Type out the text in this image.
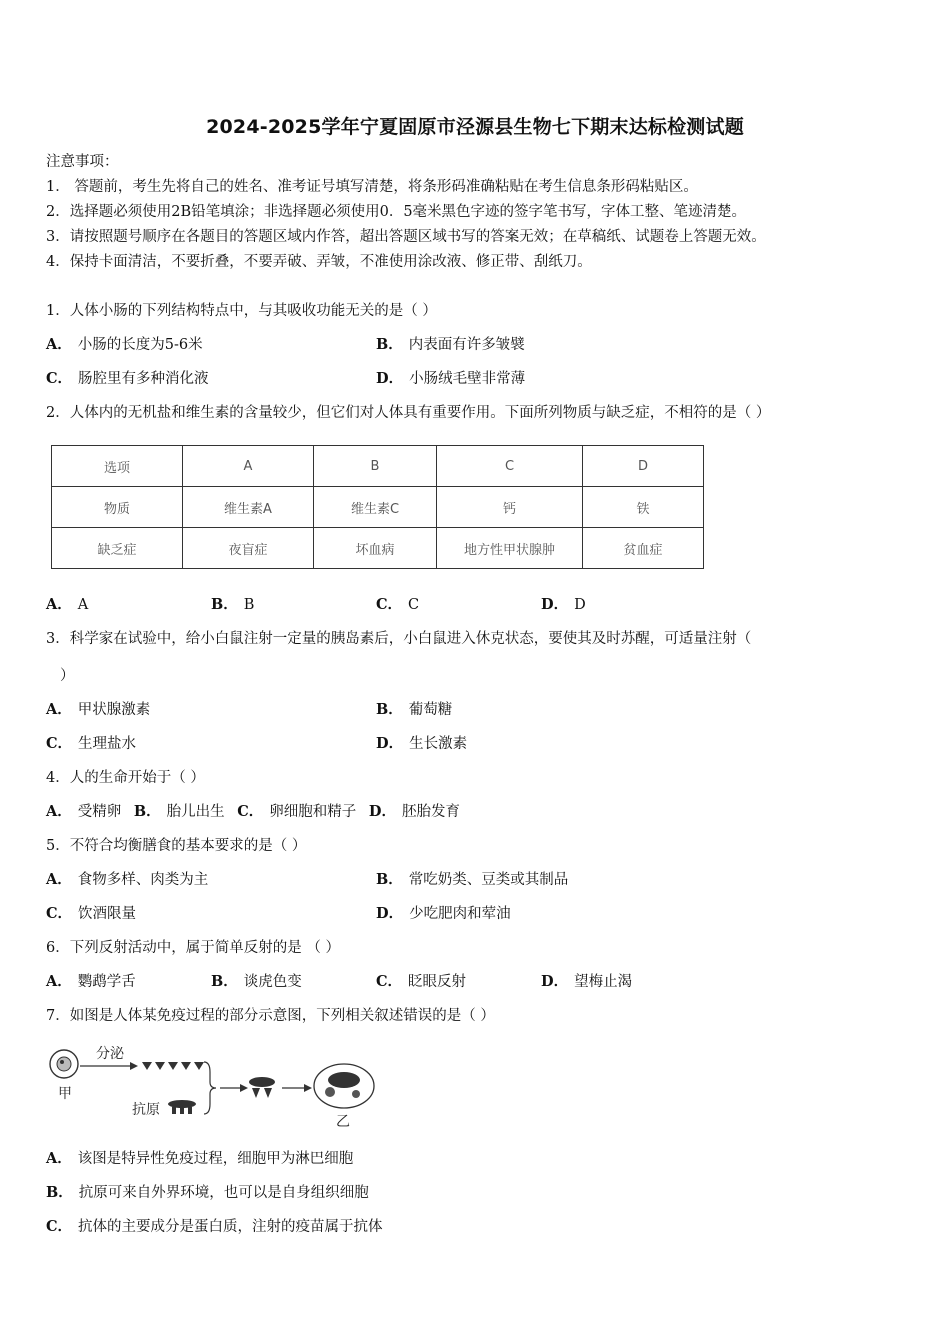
2024-2025学年宁夏固原市泾源县生物七下期末达标检测试题
注意事项：
1． 答题前，考生先将自己的姓名、准考证号填写清楚，将条形码准确粘贴在考生信息条形码粘贴区。
2．选择题必须使用2B铅笔填涂；非选择题必须使用0．5毫米黑色字迹的签字笔书写，字体工整、笔迹清楚。
3．请按照题号顺序在各题目的答题区域内作答，超出答题区域书写的答案无效；在草稿纸、试题卷上答题无效。
4．保持卡面清洁，不要折叠，不要弄破、弄皱，不准使用涂改液、修正带、刮纸刀。
1．人体小肠的下列结构特点中，与其吸收功能无关的是（ ）
A． 小肠的长度为5-6米	B． 内表面有许多皱襞
C． 肠腔里有多种消化液	D． 小肠绒毛壁非常薄
2．人体内的无机盐和维生素的含量较少，但它们对人体具有重要作用。下面所列物质与缺乏症，不相符的是（ ）
选项	A	B	C	D
物质	维生素A	维生素C	钙	铁
缺乏症	夜盲症	坏血病	地方性甲状腺肿	贫血症
A． A	B． B	C． C	D． D
3．科学家在试验中，给小白鼠注射一定量的胰岛素后，小白鼠进入休克状态，要使其及时苏醒，可适量注射（
）
A． 甲状腺激素	B． 葡萄糖
C． 生理盐水	D． 生长激素
4．人的生命开始于（ ）
A． 受精卵 B． 胎儿出生 C． 卵细胞和精子 D． 胚胎发育
5．不符合均衡膳食的基本要求的是（ ）
A． 食物多样、肉类为主	B． 常吃奶类、豆类或其制品
C． 饮酒限量	D． 少吃肥肉和荤油
6．下列反射活动中，属于简单反射的是 （ ）
A． 鹦鹉学舌	B． 谈虎色变	C． 眨眼反射	D． 望梅止渴
7．如图是人体某免疫过程的部分示意图，下列相关叙述错误的是（ ）
甲
分泌
抗原
乙
A． 该图是特异性免疫过程，细胞甲为淋巴细胞
B． 抗原可来自外界环境，也可以是自身组织细胞
C． 抗体的主要成分是蛋白质，注射的疫苗属于抗体
